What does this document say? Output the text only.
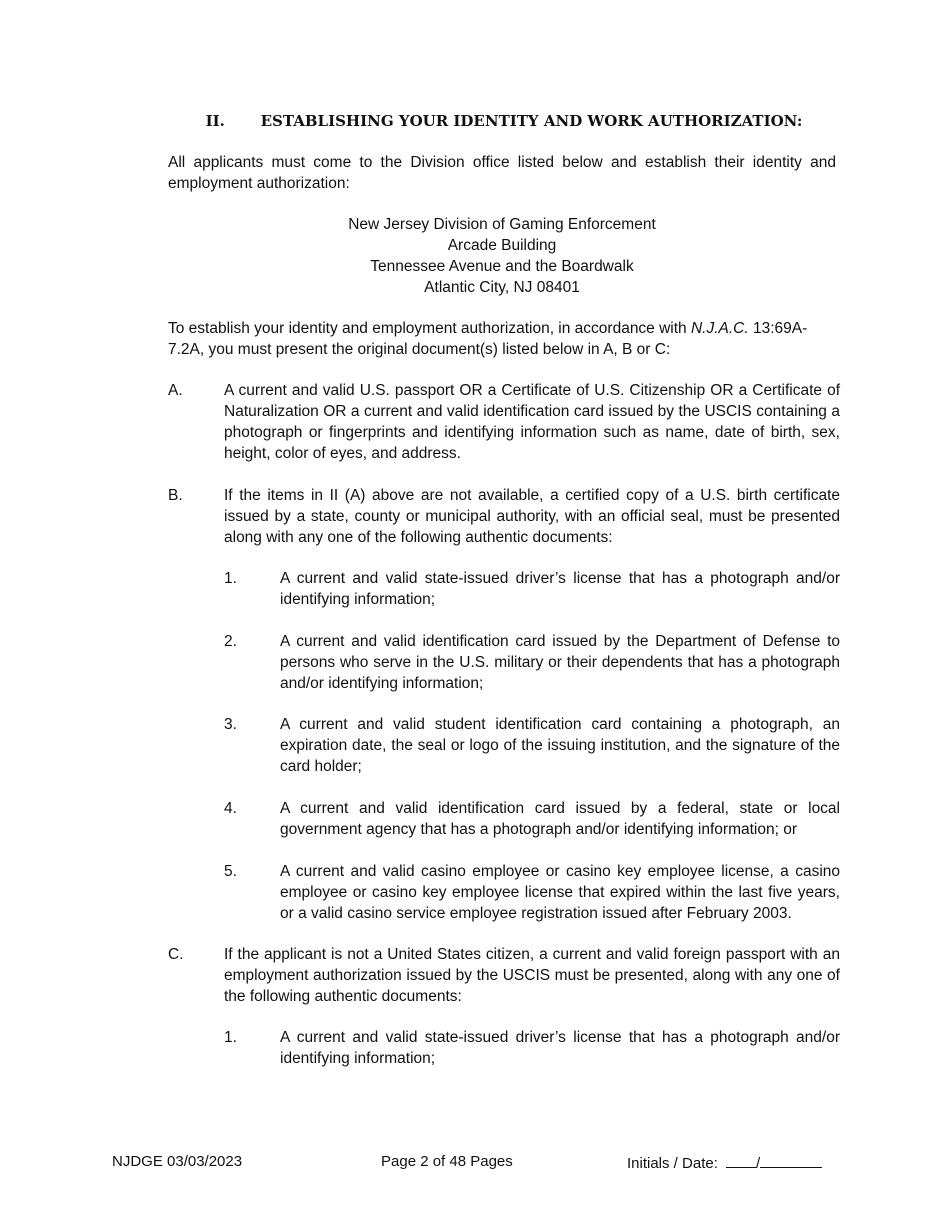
II. ESTABLISHING YOUR IDENTITY AND WORK AUTHORIZATION:
All applicants must come to the Division office listed below and establish their identity and employment authorization:
New Jersey Division of Gaming Enforcement
Arcade Building
Tennessee Avenue and the Boardwalk
Atlantic City, NJ 08401
To establish your identity and employment authorization, in accordance with N.J.A.C. 13:69A-7.2A, you must present the original document(s) listed below in A, B or C:
A.	A current and valid U.S. passport OR a Certificate of U.S. Citizenship OR a Certificate of Naturalization OR a current and valid identification card issued by the USCIS containing a photograph or fingerprints and identifying information such as name, date of birth, sex, height, color of eyes, and address.
B.	If the items in II (A) above are not available, a certified copy of a U.S. birth certificate issued by a state, county or municipal authority, with an official seal, must be presented along with any one of the following authentic documents:
1.	A current and valid state-issued driver’s license that has a photograph and/or identifying information;
2.	A current and valid identification card issued by the Department of Defense to persons who serve in the U.S. military or their dependents that has a photograph and/or identifying information;
3.	A current and valid student identification card containing a photograph, an expiration date, the seal or logo of the issuing institution, and the signature of the card holder;
4.	A current and valid identification card issued by a federal, state or local government agency that has a photograph and/or identifying information; or
5.	A current and valid casino employee or casino key employee license, a casino employee or casino key employee license that expired within the last five years, or a valid casino service employee registration issued after February 2003.
C.	If the applicant is not a United States citizen, a current and valid foreign passport with an employment authorization issued by the USCIS must be presented, along with any one of the following authentic documents:
1.	A current and valid state-issued driver’s license that has a photograph and/or identifying information;
NJDGE 03/03/2023	Page 2 of 48 Pages	Initials / Date:	/
